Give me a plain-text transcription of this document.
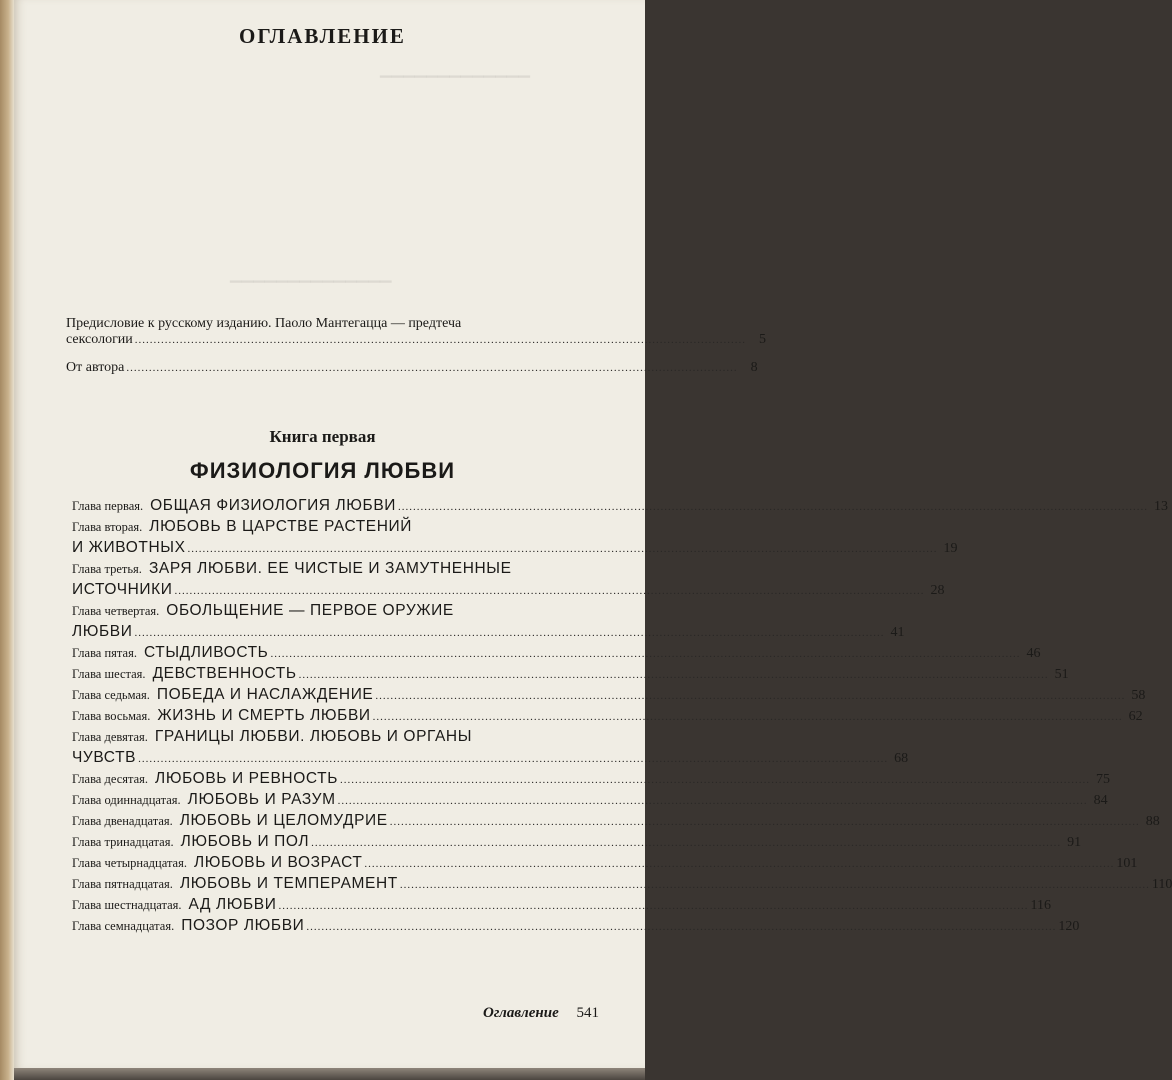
▁▁▁▁▁▁▁▁▁▁▁▁▁
▁▁▁▁▁▁▁▁▁▁▁▁▁▁
ОГЛАВЛЕНИЕ
Предисловие к русскому изданию. Паоло Мантегацца — предтеча
сексологии ................................................................................................................................................................... 5
От автора ................................................................................................................................................................... 8
Книга первая
ФИЗИОЛОГИЯ ЛЮБВИ
Глава первая. ОБЩАЯ ФИЗИОЛОГИЯ ЛЮБВИ ........................................................................................................................................................................................................ 13
Глава вторая. ЛЮБОВЬ В ЦАРСТВЕ РАСТЕНИЙ
И ЖИВОТНЫХ ........................................................................................................................................................................................................ 19
Глава третья. ЗАРЯ ЛЮБВИ. ЕЕ ЧИСТЫЕ И ЗАМУТНЕННЫЕ
ИСТОЧНИКИ ........................................................................................................................................................................................................ 28
Глава четвертая. ОБОЛЬЩЕНИЕ — ПЕРВОЕ ОРУЖИЕ
ЛЮБВИ ........................................................................................................................................................................................................ 41
Глава пятая. СТЫДЛИВОСТЬ ........................................................................................................................................................................................................ 46
Глава шестая. ДЕВСТВЕННОСТЬ ........................................................................................................................................................................................................ 51
Глава седьмая. ПОБЕДА И НАСЛАЖДЕНИЕ ........................................................................................................................................................................................................ 58
Глава восьмая. ЖИЗНЬ И СМЕРТЬ ЛЮБВИ ........................................................................................................................................................................................................ 62
Глава девятая. ГРАНИЦЫ ЛЮБВИ. ЛЮБОВЬ И ОРГАНЫ
ЧУВСТВ ........................................................................................................................................................................................................ 68
Глава десятая. ЛЮБОВЬ И РЕВНОСТЬ ........................................................................................................................................................................................................ 75
Глава одиннадцатая. ЛЮБОВЬ И РАЗУМ ........................................................................................................................................................................................................ 84
Глава двенадцатая. ЛЮБОВЬ И ЦЕЛОМУДРИЕ ........................................................................................................................................................................................................ 88
Глава тринадцатая. ЛЮБОВЬ И ПОЛ ........................................................................................................................................................................................................ 91
Глава четырнадцатая. ЛЮБОВЬ И ВОЗРАСТ ........................................................................................................................................................................................................ 101
Глава пятнадцатая. ЛЮБОВЬ И ТЕМПЕРАМЕНТ ........................................................................................................................................................................................................ 110
Глава шестнадцатая. АД ЛЮБВИ ........................................................................................................................................................................................................ 116
Глава семнадцатая. ПОЗОР ЛЮБВИ ........................................................................................................................................................................................................ 120
Оглавление 541
